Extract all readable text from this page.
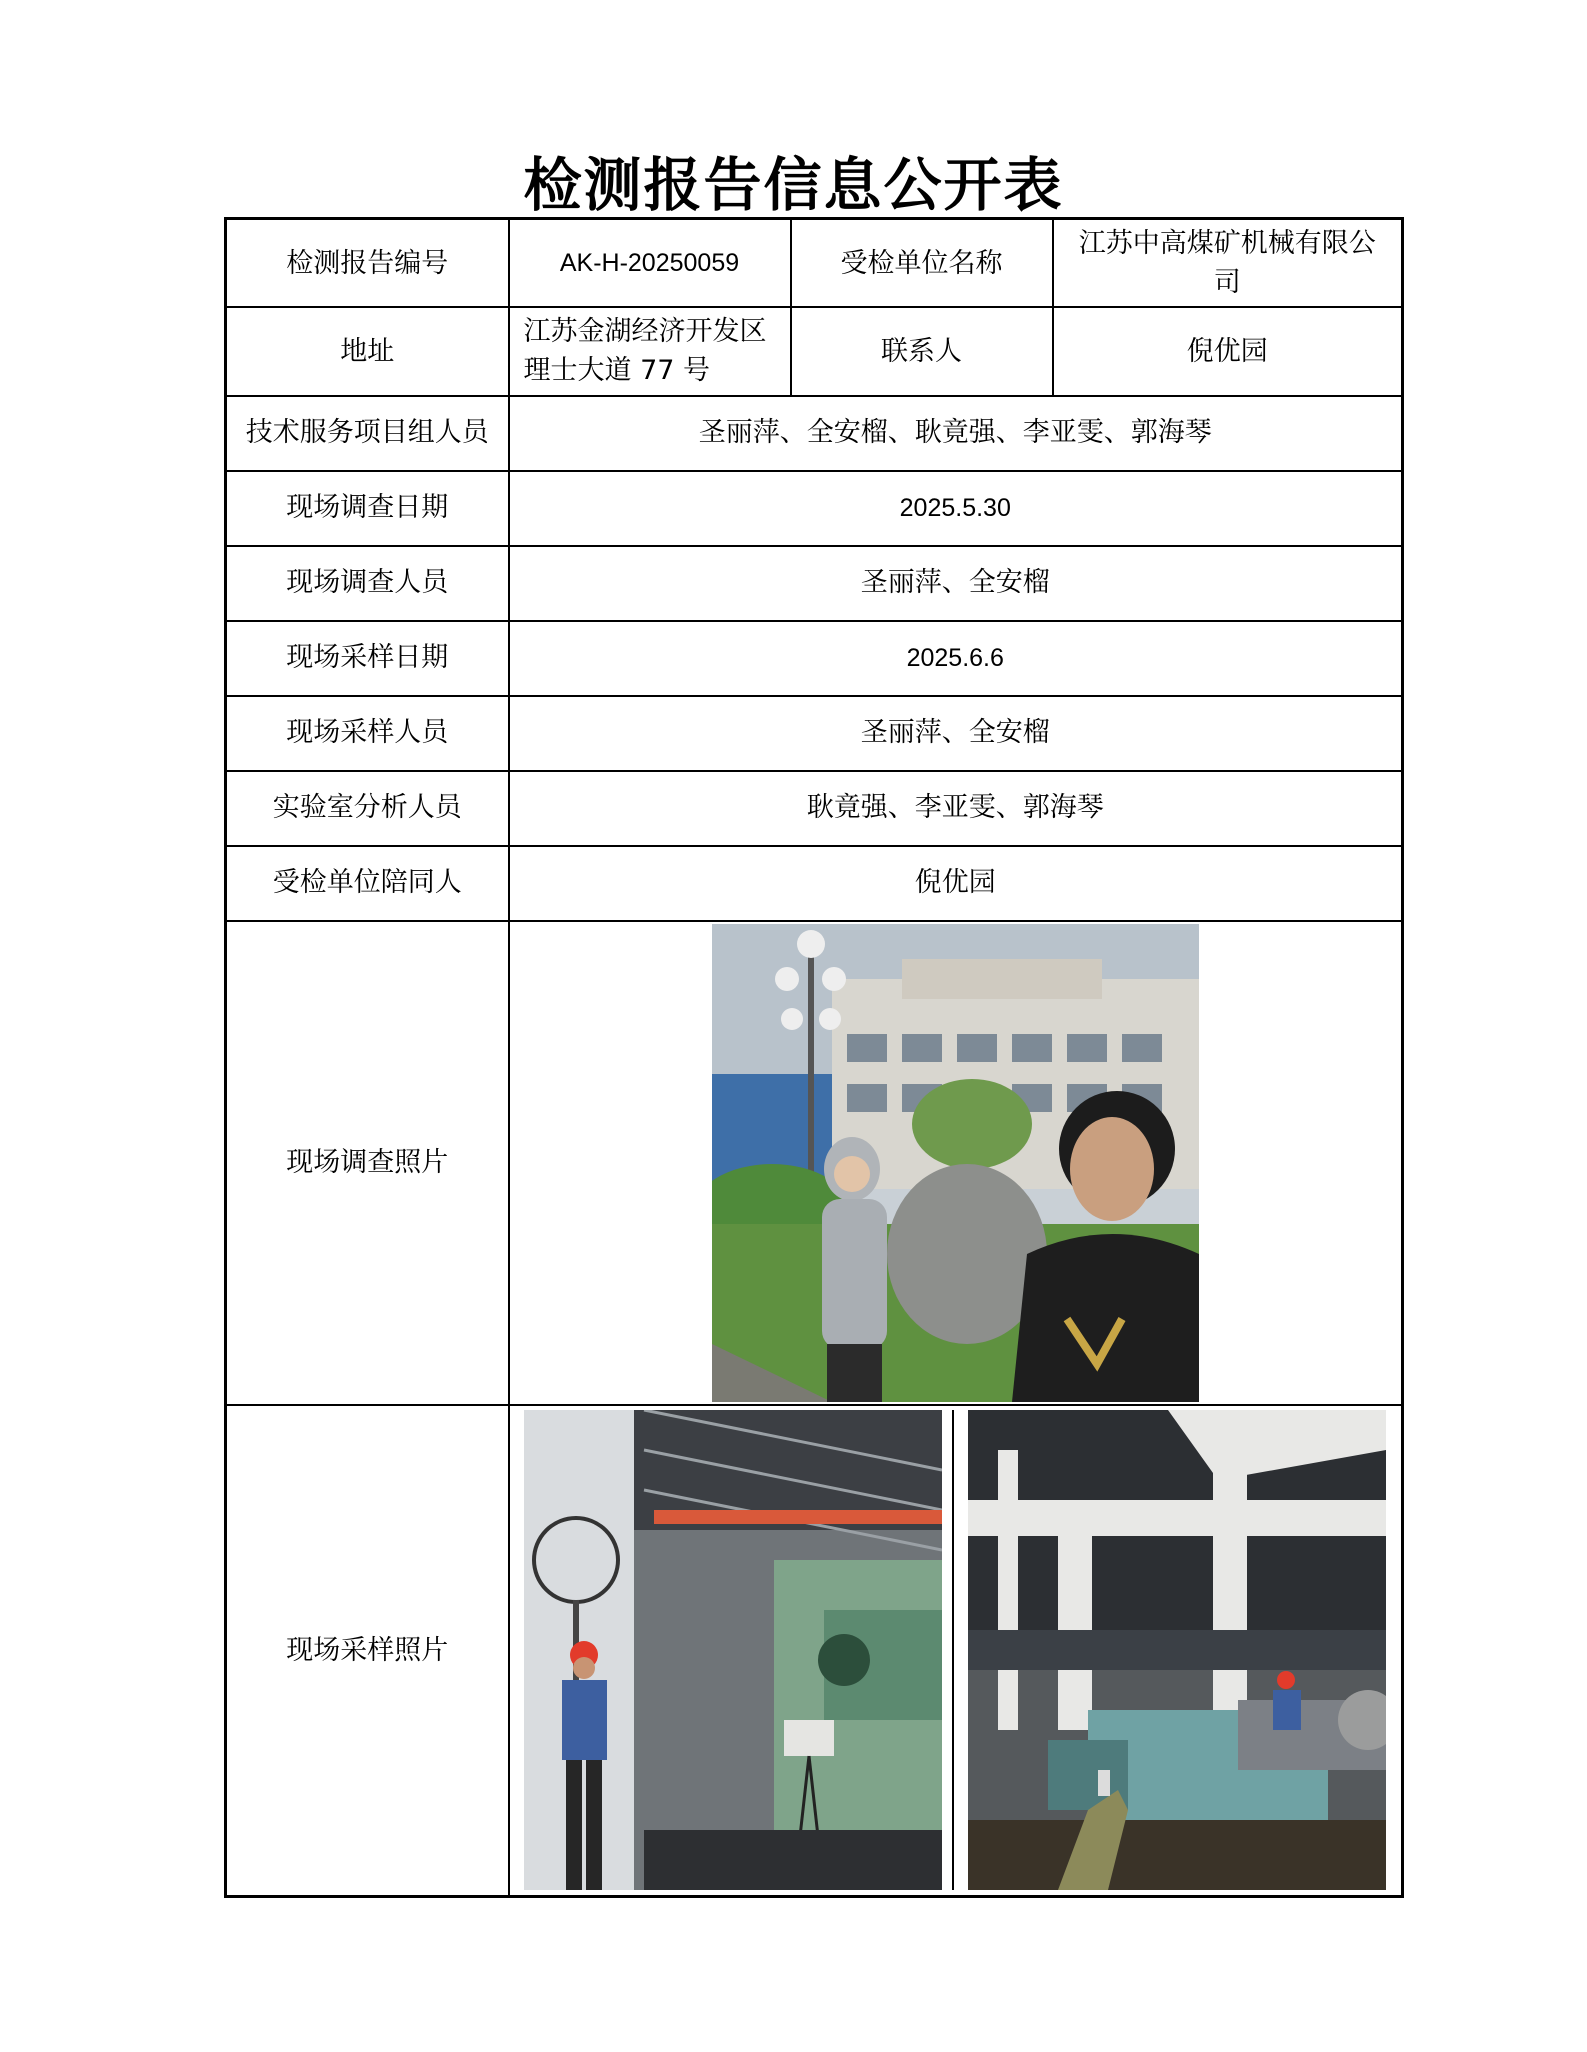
检测报告信息公开表
检测报告编号	AK-H-20250059	受检单位名称	江苏中高煤矿机械有限公司
地址	江苏金湖经济开发区理士大道 77 号	联系人	倪优园
技术服务项目组人员	圣丽萍、全安榴、耿竟强、李亚雯、郭海琴		
现场调查日期	2025.5.30		
现场调查人员	圣丽萍、全安榴		
现场采样日期	2025.6.6		
现场采样人员	圣丽萍、全安榴		
实验室分析人员	耿竟强、李亚雯、郭海琴		
受检单位陪同人	倪优园		
现场调查照片	

现场采样照片	
